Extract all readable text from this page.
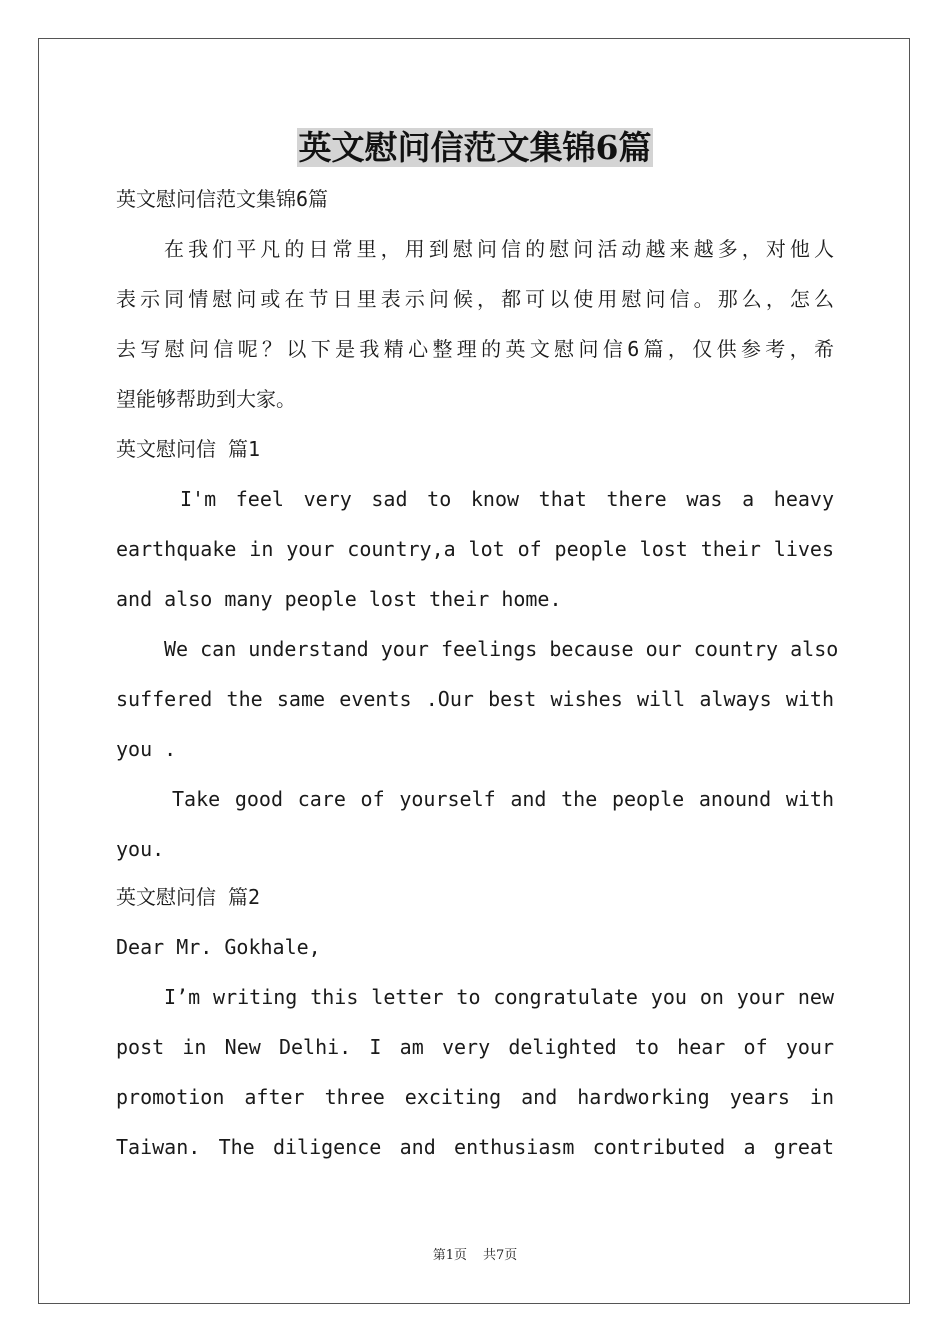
英文慰问信范文集锦6篇
英文慰问信范文集锦6篇
在我们平凡的日常里，用到慰问信的慰问活动越来越多，对他人
表示同情慰问或在节日里表示问候，都可以使用慰问信。那么，怎么
去写慰问信呢？以下是我精心整理的英文慰问信6篇，仅供参考，希
望能够帮助到大家。
英文慰问信 篇1
I'm feel very sad to know that there was a heavy
earthquake in your country,a lot of people lost their lives
and also many people lost their home.
We can understand your feelings because our country also
suffered the same events .Our best wishes will always with
you .
Take good care of yourself and the people anound with
you.
英文慰问信 篇2
Dear Mr. Gokhale,
I’m writing this letter to congratulate you on your new
post in New Delhi. I am very delighted to hear of your
promotion after three exciting and hardworking years in
Taiwan. The diligence and enthusiasm contributed a great
第1页 共7页
